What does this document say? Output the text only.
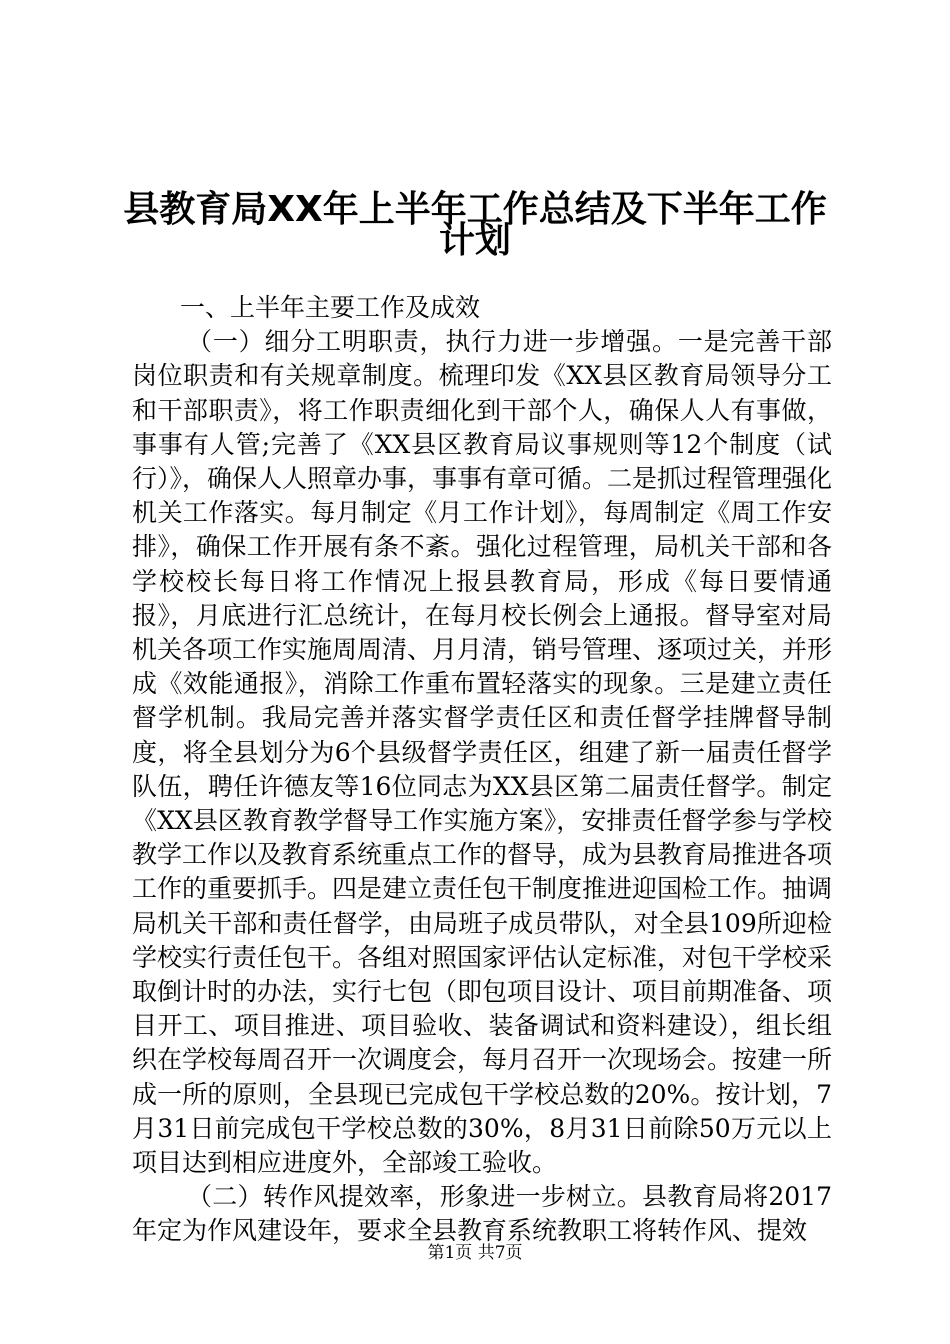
县教育局XX年上半年工作总结及下半年工作
计划

一、上半年主要工作及成效

（一）细分工明职责，执行力进一步增强。一是完善干部岗位职责和有关规章制度。梳理印发《XX县区教育局领导分工和干部职责》，将工作职责细化到干部个人，确保人人有事做，事事有人管;完善了《XX县区教育局议事规则等12个制度（试行）》，确保人人照章办事，事事有章可循。二是抓过程管理强化机关工作落实。每月制定《月工作计划》，每周制定《周工作安排》，确保工作开展有条不紊。强化过程管理，局机关干部和各学校校长每日将工作情况上报县教育局，形成《每日要情通报》，月底进行汇总统计，在每月校长例会上通报。督导室对局机关各项工作实施周周清、月月清，销号管理、逐项过关，并形成《效能通报》，消除工作重布置轻落实的现象。三是建立责任督学机制。我局完善并落实督学责任区和责任督学挂牌督导制度，将全县划分为6个县级督学责任区，组建了新一届责任督学队伍，聘任许德友等16位同志为XX县区第二届责任督学。制定《XX县区教育教学督导工作实施方案》，安排责任督学参与学校教学工作以及教育系统重点工作的督导，成为县教育局推进各项工作的重要抓手。四是建立责任包干制度推进迎国检工作。抽调局机关干部和责任督学，由局班子成员带队，对全县109所迎检学校实行责任包干。各组对照国家评估认定标准，对包干学校采取倒计时的办法，实行七包（即包项目设计、项目前期准备、项目开工、项目推进、项目验收、装备调试和资料建设），组长组织在学校每周召开一次调度会，每月召开一次现场会。按建一所成一所的原则，全县现已完成包干学校总数的20%。按计划，7月31日前完成包干学校总数的30%，8月31日前除50万元以上项目达到相应进度外，全部竣工验收。

（二）转作风提效率，形象进一步树立。县教育局将2017年定为作风建设年，要求全县教育系统教职工将转作风、提效

第1页 共7页
